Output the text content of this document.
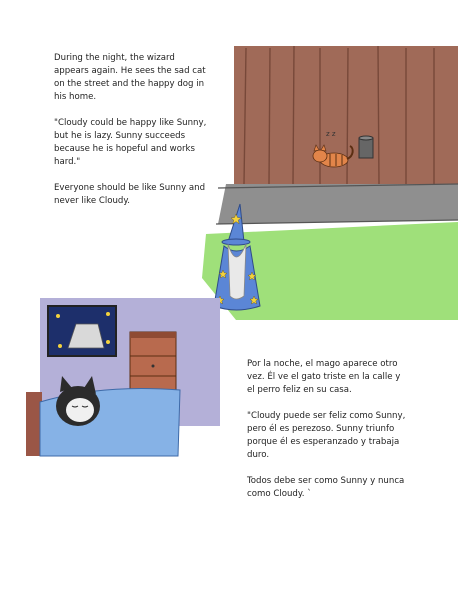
During the night, the wizard
appears again. He sees the sad cat
on the street and the happy dog in
his home.

"Cloudy could be happy like Sunny,
but he is lazy. Sunny succeeds
because he is hopeful and works
hard."

Everyone should be like Sunny and
never like Cloudy.

z z

Por la noche, el mago aparece otro
vez. Él ve el gato triste en la calle y
el perro feliz en su casa.

"Cloudy puede ser feliz como Sunny,
pero él es perezoso. Sunny triunfo
porque él es esperanzado y trabaja
duro.

Todos debe ser como Sunny y nunca
como Cloudy. `
